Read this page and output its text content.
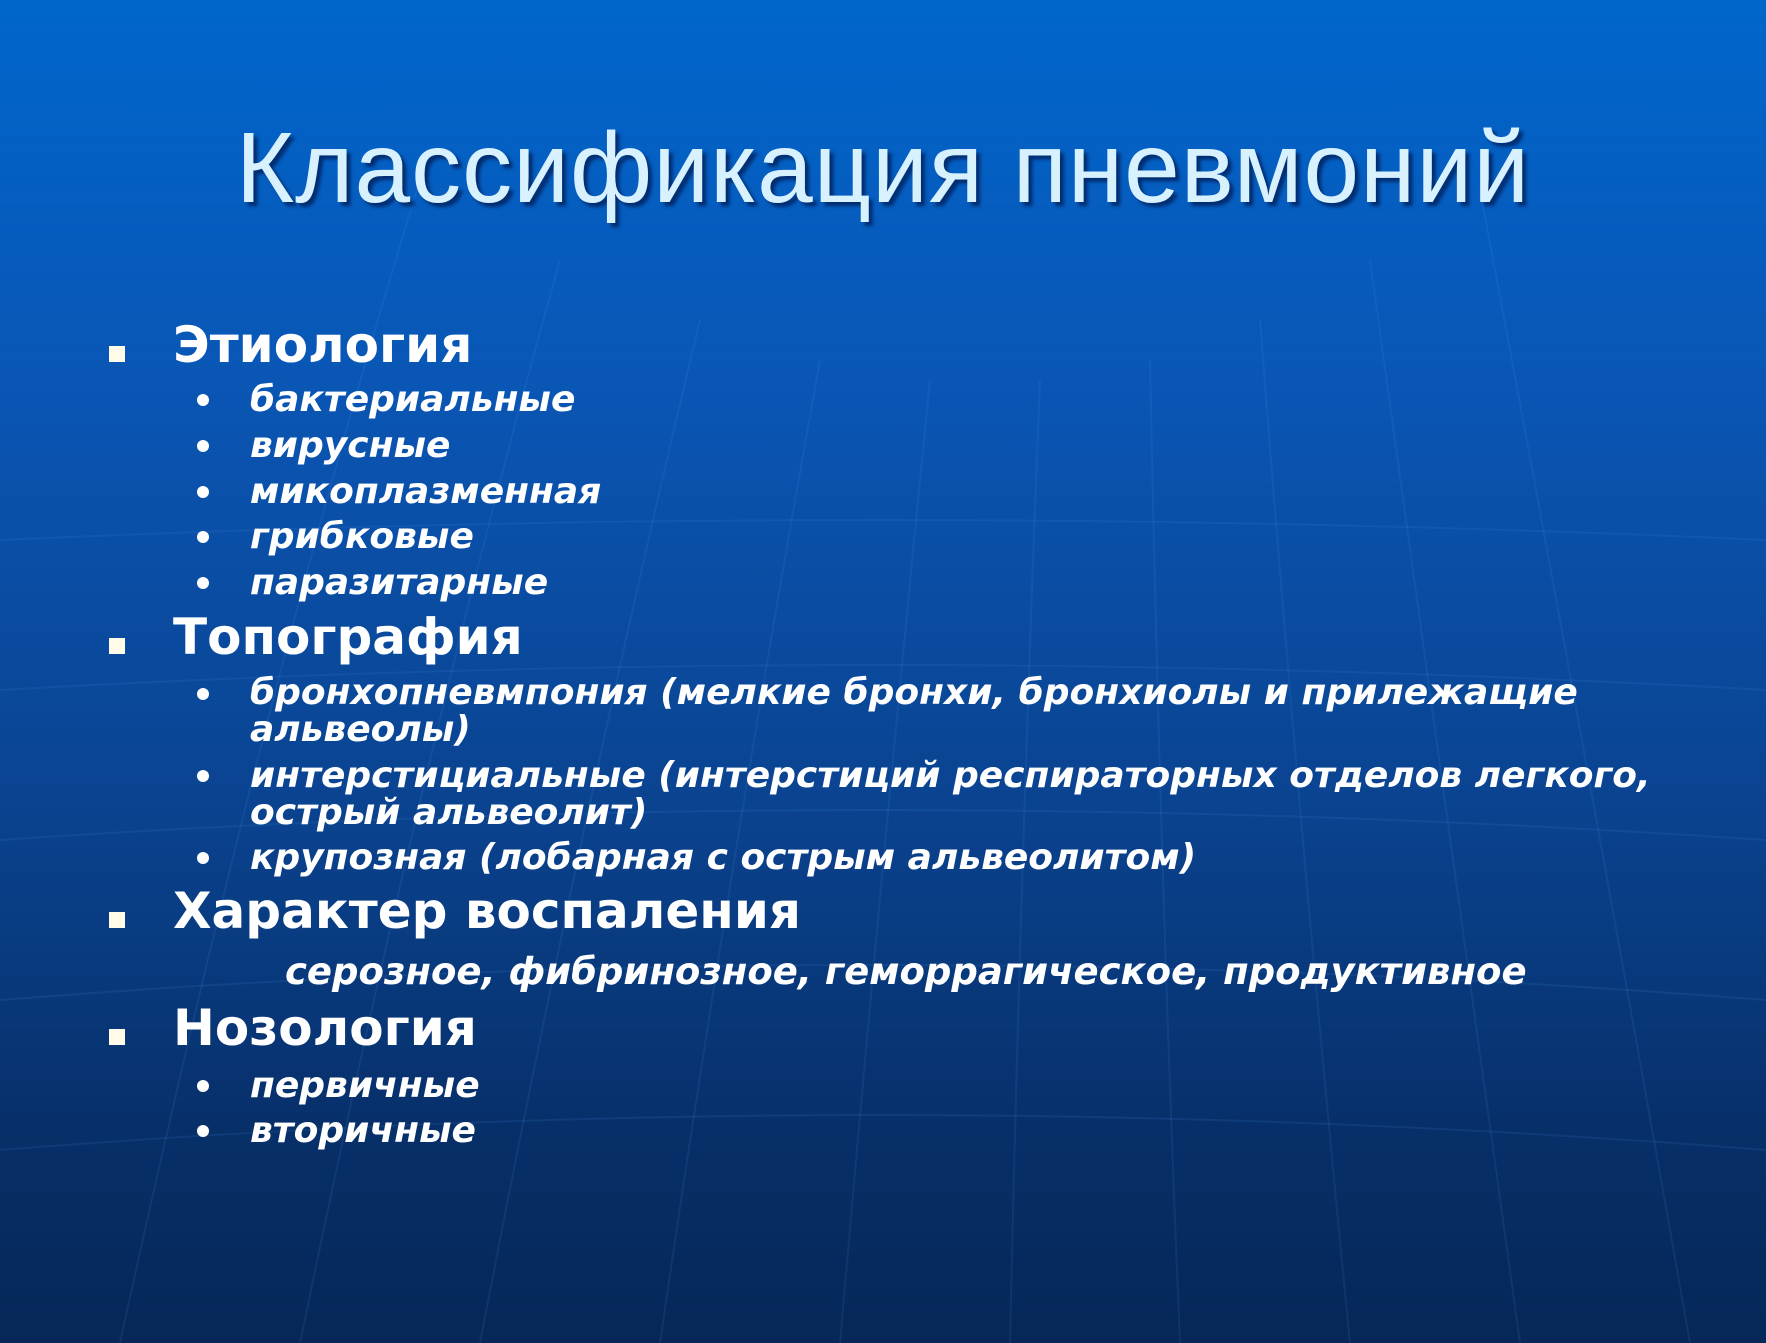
Классификация пневмоний
Этиология
бактериальные
вирусные
микоплазменная
грибковые
паразитарные
Топография
бронхопневмпония (мелкие бронхи, бронхиолы и прилежащие альвеолы)
интерстициальные (интерстиций респираторных отделов легкого, острый альвеолит)
крупозная (лобарная с острым альвеолитом)
Характер воспаления
серозное, фибринозное, геморрагическое, продуктивное
Нозология
первичные
вторичные
